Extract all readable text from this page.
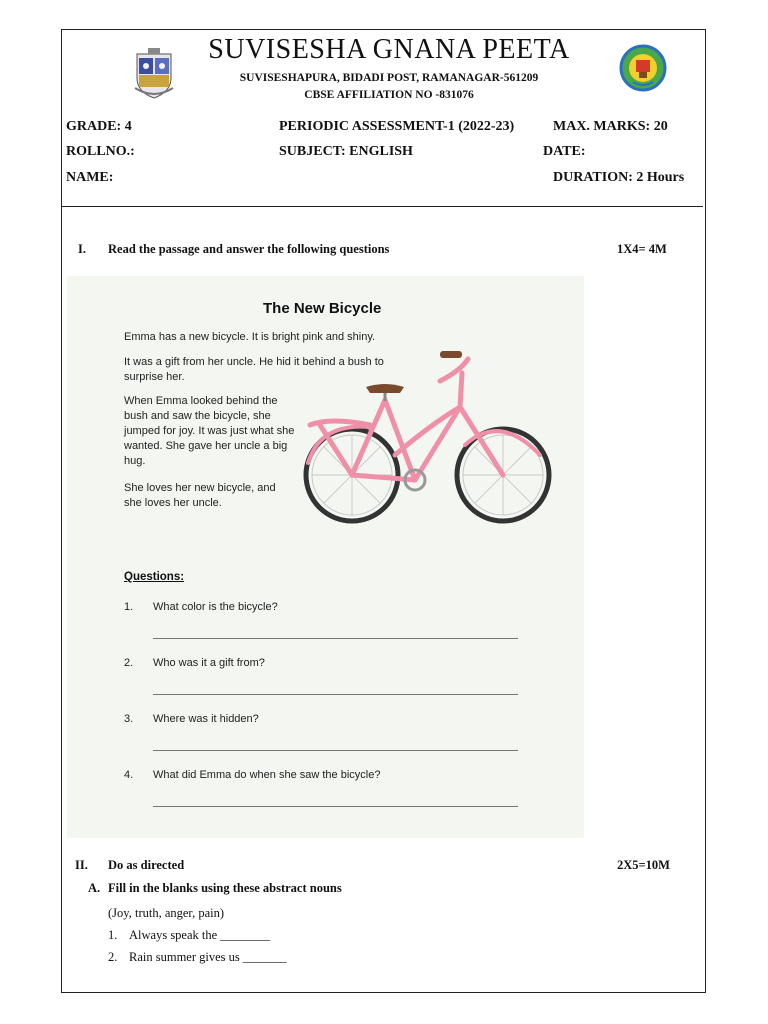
SUVISESHA GNANA PEETA
SUVISESHAPURA, BIDADI POST, RAMANAGAR-561209
CBSE AFFILIATION NO -831076
GRADE: 4	PERIODIC ASSESSMENT-1 (2022-23)	MAX. MARKS: 20
ROLLNO.:	SUBJECT: ENGLISH	DATE:
NAME:	DURATION: 2 Hours
I. Read the passage and answer the following questions	1X4= 4M
The New Bicycle
Emma has a new bicycle. It is bright pink and shiny.
It was a gift from her uncle. He hid it behind a bush to surprise her.
When Emma looked behind the bush and saw the bicycle, she jumped for joy. It was just what she wanted. She gave her uncle a big hug.
She loves her new bicycle, and she loves her uncle.
Questions:
1. What color is the bicycle?
2. Who was it a gift from?
3. Where was it hidden?
4. What did Emma do when she saw the bicycle?
II. Do as directed	2X5=10M
A. Fill in the blanks using these abstract nouns
(Joy, truth, anger, pain)
1. Always speak the ________
2. Rain summer gives us _______
